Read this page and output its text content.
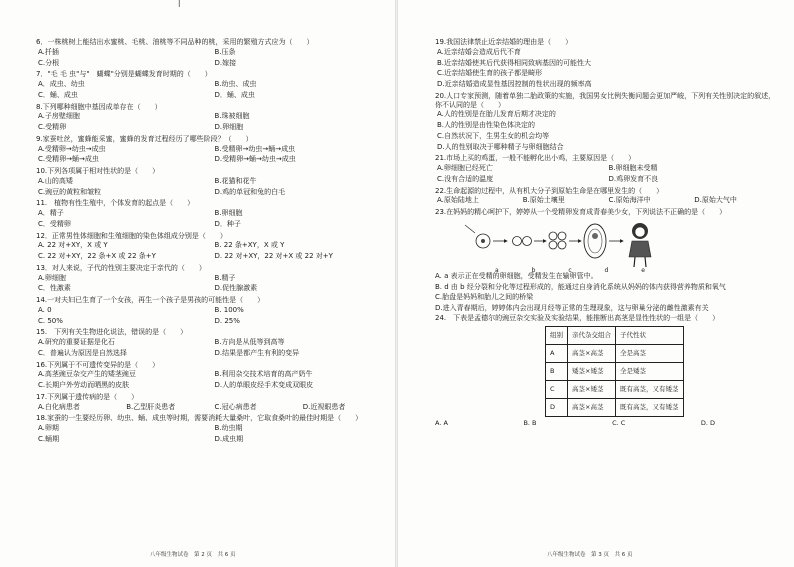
l
6．一株桃树上能结出水蜜桃、毛桃、油桃等不同品种的桃，采用的繁殖方式应为（　　）
A.扦插	B.压条
C.分根	D.嫁接
7．"毛 毛 虫"与"　蝴蝶"分别是蝴蝶发育时期的（　　）
A．成虫、幼虫	B.幼虫、成虫
C．蛹、成虫	D．蛹、成虫
8.下列哪种细胞中基因成单存在（　　）
A.子房壁细胞	B.珠被细胞
C.受精卵	D.卵细胞
9.家蚕吐丝，蜜蜂能采蜜，蜜蜂的发育过程经历了哪些阶段？（　　）
A.受精卵→幼虫→成虫	B.受精卵→幼虫→蛹→成虫
C.受精卵→蛹→成虫	D.受精卵→蛹→幼虫→成虫
10.下列各项属于相对性状的是（　　）
A.山的高矮	B.花猫和花牛
C.豌豆的黄粒和皱粒	D.鸡的单冠和兔的白毛
11.　植物有性生殖中，个体发育的起点是（　　）
A．精子	B.卵细胞
C．受精卵	D．种子
12．正常男性体细胞和生殖细胞的染色体组成分别是（　　）
A. 22 对+XY，X 或 Y	B. 22 条+XY，X 或 Y
C. 22 对+XY，22 条+X 或 22 条+Y	D. 22 对+XY，22 对+X 或 22 对+Y
13．对人来说，子代的性别主要决定于亲代的（　　）
A.卵细胞	B.精子
C．性激素	D.促性腺激素
14.一对夫妇已生育了一个女孩，再生一个孩子是男孩的可能性是（　　）
A. 0	B. 100%
C. 50%	D. 25%
15.　下列有关生物进化说法，错误的是（　　）
A.研究的重要证据是化石	B.方向是从低等到高等
C．普遍认为原因是自然选择	D.结果是都产生有利的变异
16.下列属于不可遗传变异的是（　　）
A.高茎豌豆杂交产生的矮茎豌豆	B.利用杂交技术培育的高产奶牛
C.长期户外劳动而晒黑的皮肤	D.人的单眼皮经手术变成双眼皮
17.下列属于遗传病的是（　　）
A.白化病患者	B.乙型肝炎患者	C.冠心病患者	D.近视眼患者
18.家蚕的一生要经历卵、幼虫、蛹、成虫等时期，需要消耗大量桑叶，它取食桑叶的最佳时期是（　　）
A.卵期	B.幼虫期
C.蛹期	D.成虫期
八年级生物试卷　第 2 页　共 6 页
19.我国法律禁止近亲结婚的理由是（　　）
A.近亲结婚会造成后代不育
B.近亲结婚使其后代获得相同致病基因的可能性大
C.近亲结婚使生育的孩子都是畸形
D.近亲结婚造成显性基因控制的性状出现的频率高
20.人口专家预测，随着单独二胎政策的实施，我国男女比例失衡问题会更加严峻，下列有关性别决定的叙述，你不认同的是（　　）
A.人的性别是在胎儿发育后期才决定的
B.人的性别是由性染色体决定的
C.自然状况下，生男生女的机会均等
D.人的性别取决于哪种精子与卵细胞结合
21.市场上买的鸡蛋，一般不能孵化出小鸡，主要原因是（　　）
A.卵细胞已经死亡	B.卵细胞未受精
C.没有合适的温度	D.鸡卵发育不良
22.生命起源的过程中，从有机大分子到原始生命是在哪里发生的（　　）
A.原始陆地上	B.原始土壤里	C.原始海洋中	D.原始大气中
23.在妈妈的精心呵护下，婷婷从一个受精卵发育成青春美少女，下列说法不正确的是（　　）
a	b	c	d	e
A. a 表示正在受精的卵细胞，受精发生在输卵管中。
B. d 由 b 经分裂和分化等过程形成的，能通过自身消化系统从妈妈的体内获得营养物质和氧气
C.胎盘是妈妈和胎儿之间的桥梁
D.进入青春期后，婷婷体内会出现月经等正常的生理现象，这与卵巢分泌的雌性激素有关
24.　下表是孟德尔的豌豆杂交实验及实验结果，能推断出高茎是显性性状的一组是（　　）
组别	亲代杂交组合	子代性状
A	高茎×高茎	全是高茎
B	矮茎×矮茎	全是矮茎
C	高茎×矮茎	既有高茎，又有矮茎
D	高茎×高茎	既有高茎，又有矮茎
A. A	B. B	C. C	D. D
八年级生物试卷　第 3 页　共 6 页
